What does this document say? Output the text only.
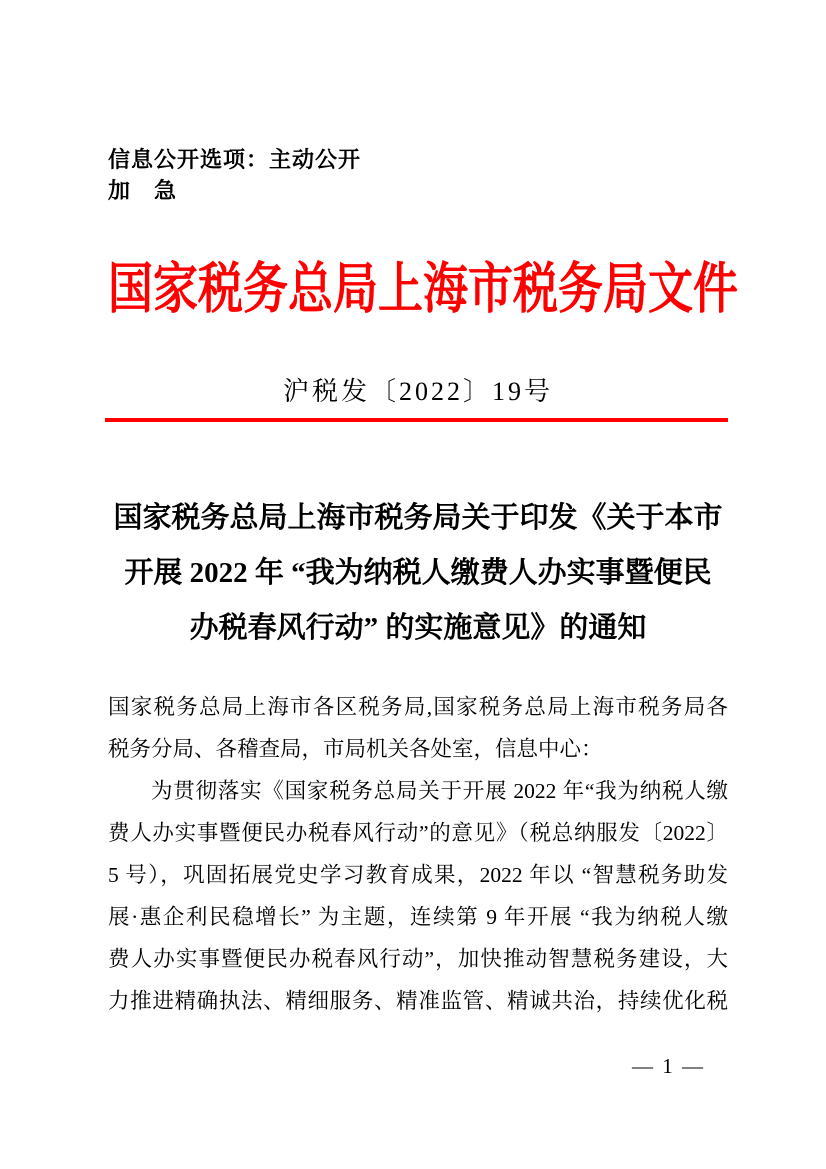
信息公开选项：主动公开
加　急
国家税务总局上海市税务局文件
沪税发〔2022〕19号
国家税务总局上海市税务局关于印发《关于本市
开展 2022 年 “我为纳税人缴费人办实事暨便民
办税春风行动” 的实施意见》的通知
国家税务总局上海市各区税务局,国家税务总局上海市税务局各
税务分局、各稽查局，市局机关各处室，信息中心：
为贯彻落实《国家税务总局关于开展 2022 年“我为纳税人缴
费人办实事暨便民办税春风行动”的意见》（税总纳服发〔2022〕
5 号），巩固拓展党史学习教育成果，2022 年以 “智慧税务助发
展·惠企利民稳增长” 为主题，连续第 9 年开展 “我为纳税人缴
费人办实事暨便民办税春风行动”，加快推动智慧税务建设，大
力推进精确执法、精细服务、精准监管、精诚共治，持续优化税
— 1 —
